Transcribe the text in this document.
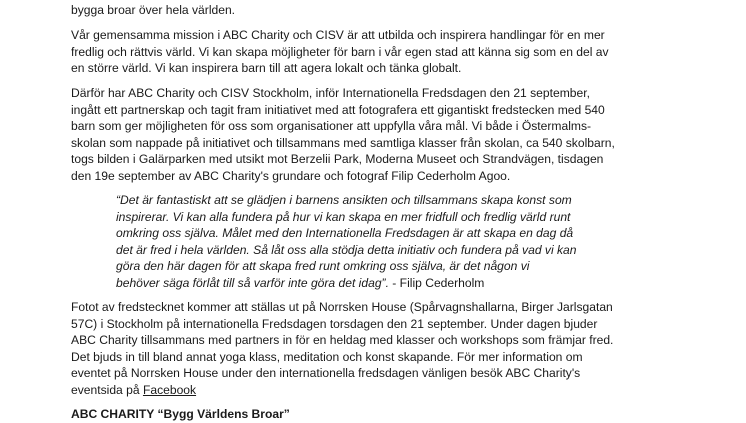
bygga broar över hela världen.

Vår gemensamma mission i ABC Charity och CISV är att utbilda och inspirera handlingar för en mer
fredlig och rättvis värld. Vi kan skapa möjligheter för barn i vår egen stad att känna sig som en del av
en större värld. Vi kan inspirera barn till att agera lokalt och tänka globalt.

Därför har ABC Charity och CISV Stockholm, inför Internationella Fredsdagen den 21 september,
ingått ett partnerskap och tagit fram initiativet med att fotografera ett gigantiskt fredstecken med 540
barn som ger möjligheten för oss som organisationer att uppfylla våra mål. Vi både i Östermalms-
skolan som nappade på initiativet och tillsammans med samtliga klasser från skolan, ca 540 skolbarn,
togs bilden i Galärparken med utsikt mot Berzelii Park, Moderna Museet och Strandvägen, tisdagen
den 19e september av ABC Charity's grundare och fotograf Filip Cederholm Agoo.

“Det är fantastiskt att se glädjen i barnens ansikten och tillsammans skapa konst som
inspirerar. Vi kan alla fundera på hur vi kan skapa en mer fridfull och fredlig värld runt
omkring oss själva. Målet med den Internationella Fredsdagen är att skapa en dag då
det är fred i hela världen. Så låt oss alla stödja detta initiativ och fundera på vad vi kan
göra den här dagen för att skapa fred runt omkring oss själva, är det någon vi
behöver säga förlåt till så varför inte göra det idag”. - Filip Cederholm

Fotot av fredstecknet kommer att ställas ut på Norrsken House (Spårvagnshallarna, Birger Jarlsgatan
57C) i Stockholm på internationella Fredsdagen torsdagen den 21 september. Under dagen bjuder
ABC Charity tillsammans med partners in för en heldag med klasser och workshops som främjar fred.
Det bjuds in till bland annat yoga klass, meditation och konst skapande. För mer information om
eventet på Norrsken House under den internationella fredsdagen vänligen besök ABC Charity's
eventsida på Facebook

ABC CHARITY “Bygg Världens Broar”
